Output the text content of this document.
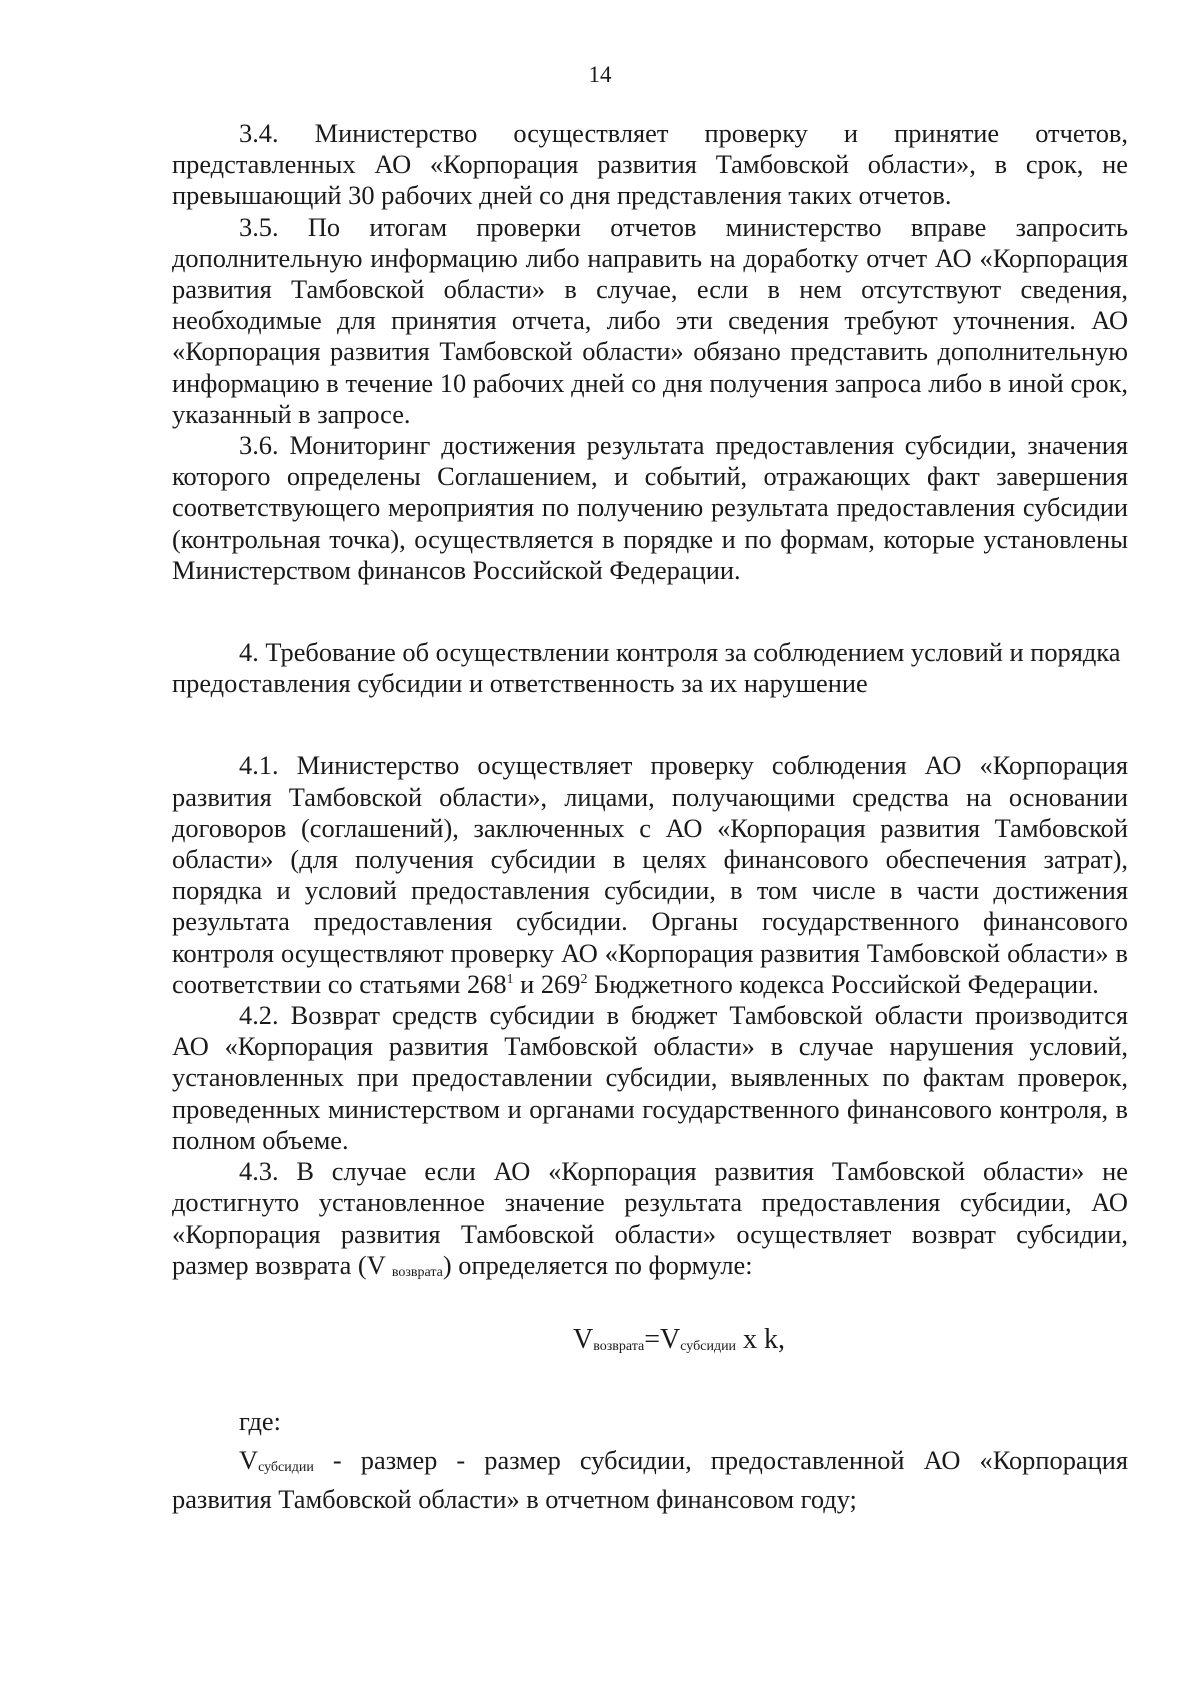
14

3.4. Министерство осуществляет проверку и принятие отчетов, представленных АО «Корпорация развития Тамбовской области», в срок, не превышающий 30 рабочих дней со дня представления таких отчетов.

3.5. По итогам проверки отчетов министерство вправе запросить дополнительную информацию либо направить на доработку отчет АО «Корпорация развития Тамбовской области» в случае, если в нем отсутствуют сведения, необходимые для принятия отчета, либо эти сведения требуют уточнения. АО «Корпорация развития Тамбовской области» обязано представить дополнительную информацию в течение 10 рабочих дней со дня получения запроса либо в иной срок, указанный в запросе.

3.6. Мониторинг достижения результата предоставления субсидии, значения которого определены Соглашением, и событий, отражающих факт завершения соответствующего мероприятия по получению результата предоставления субсидии (контрольная точка), осуществляется в порядке и по формам, которые установлены Министерством финансов Российской Федерации.

4. Требование об осуществлении контроля за соблюдением условий и порядка предоставления субсидии и ответственность за их нарушение

4.1. Министерство осуществляет проверку соблюдения АО «Корпорация развития Тамбовской области», лицами, получающими средства на основании договоров (соглашений), заключенных с АО «Корпорация развития Тамбовской области» (для получения субсидии в целях финансового обеспечения затрат), порядка и условий предоставления субсидии, в том числе в части достижения результата предоставления субсидии. Органы государственного финансового контроля осуществляют проверку АО «Корпорация развития Тамбовской области» в соответствии со статьями $268^1$ и $269^2$ Бюджетного кодекса Российской Федерации.

4.2. Возврат средств субсидии в бюджет Тамбовской области производится АО «Корпорация развития Тамбовской области» в случае нарушения условий, установленных при предоставлении субсидии, выявленных по фактам проверок, проведенных министерством и органами государственного финансового контроля, в полном объеме.

4.3. В случае если АО «Корпорация развития Тамбовской области» не достигнуто установленное значение результата предоставления субсидии, АО «Корпорация развития Тамбовской области» осуществляет возврат субсидии, размер возврата (V $_{возврата}$) определяется по формуле:

$V_{возврата}=V_{субсидии}$ x k,

где:

$V_{субсидии}$ - размер - размер субсидии, предоставленной АО «Корпорация развития Тамбовской области» в отчетном финансовом году;
